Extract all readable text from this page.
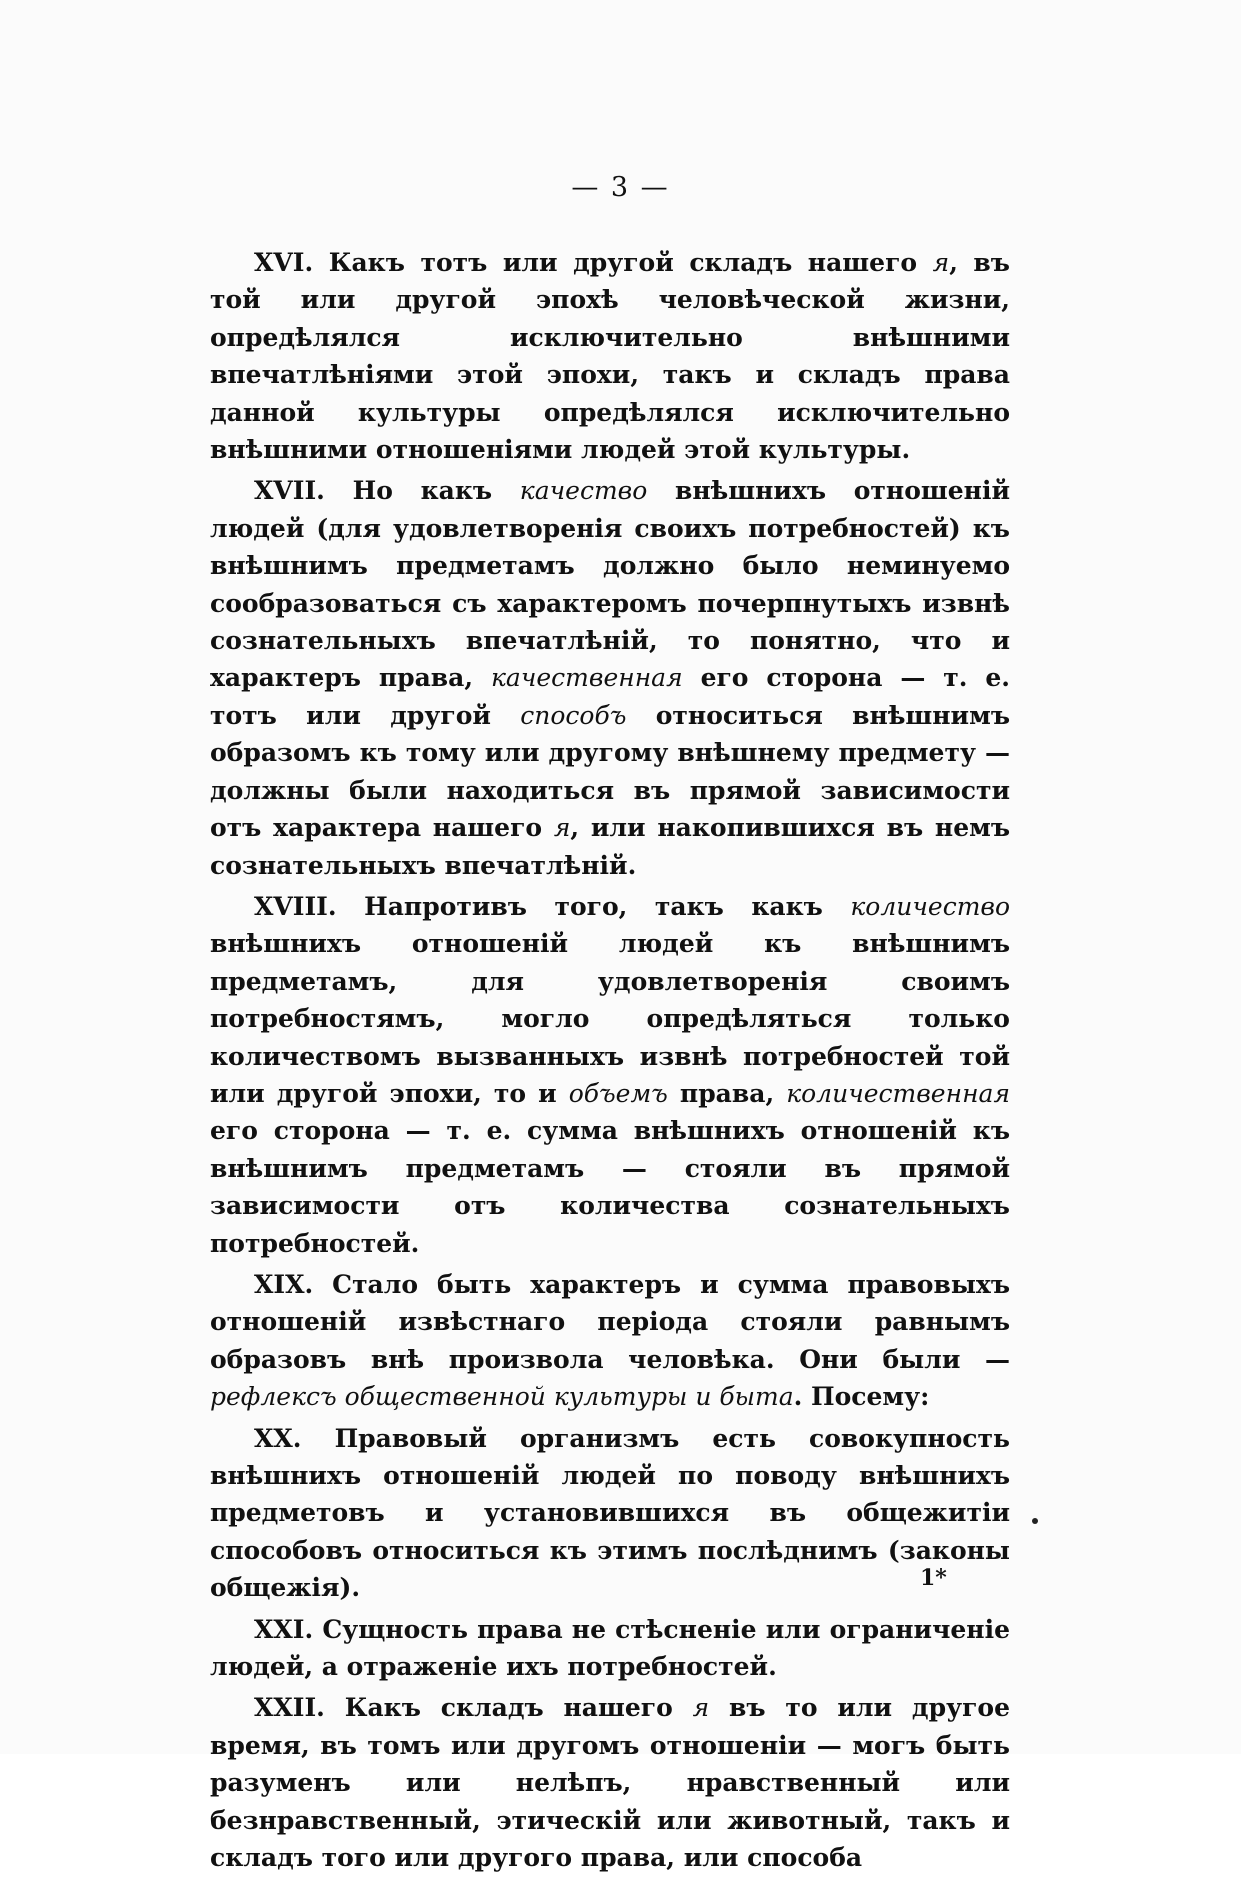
— 3 —

XVI. Какъ тотъ или другой складъ нашего я, въ той или другой эпохѣ человѣческой жизни, опредѣлялся исключительно внѣшними впечатлѣніями этой эпохи, такъ и складъ права данной культуры опредѣлялся исключительно внѣшними отношеніями людей этой культуры.

XVII. Но какъ качество внѣшнихъ отношеній людей (для удовлетворенія своихъ потребностей) къ внѣшнимъ предметамъ должно было неминуемо сообразоваться съ характеромъ почерпнутыхъ извнѣ сознательныхъ впечатлѣній, то понятно, что и характеръ права, качественная его сторона — т. е. тотъ или другой способъ относиться внѣшнимъ образомъ къ тому или другому внѣшнему предмету — должны были находиться въ прямой зависимости отъ характера нашего я, или накопившихся въ немъ сознательныхъ впечатлѣній.

XVIII. Напротивъ того, такъ какъ количество внѣшнихъ отношеній людей къ внѣшнимъ предметамъ, для удовлетворенія своимъ потребностямъ, могло опредѣляться только количествомъ вызванныхъ извнѣ потребностей той или другой эпохи, то и объемъ права, количественная его сторона — т. е. сумма внѣшнихъ отношеній къ внѣшнимъ предметамъ — стояли въ прямой зависимости отъ количества сознательныхъ потребностей.

XIX. Стало быть характеръ и сумма правовыхъ отношеній извѣстнаго періода стояли равнымъ образовъ внѣ произвола человѣка. Они были — рефлексъ общественной культуры и быта. Посему:

XX. Правовый организмъ есть совокупность внѣшнихъ отношеній людей по поводу внѣшнихъ предметовъ и установившихся въ общежитіи способовъ относиться къ этимъ послѣднимъ (законы общежія).

XXI. Сущность права не стѣсненіе или ограниченіе людей, а отраженіе ихъ потребностей.

XXII. Какъ складъ нашего я въ то или другое время, въ томъ или другомъ отношеніи — могъ быть разуменъ или нелѣпъ, нравственный или безнравственный, этическій или животный, такъ и складъ того или другого права, или способа

1*
